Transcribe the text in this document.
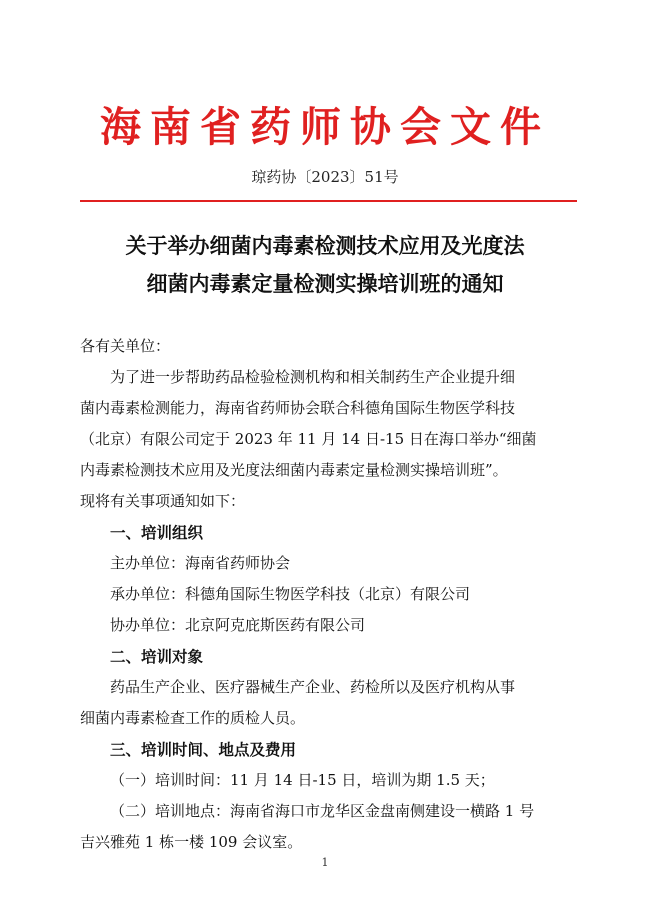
海南省药师协会文件
琼药协〔2023〕51号
关于举办细菌内毒素检测技术应用及光度法
细菌内毒素定量检测实操培训班的通知

各有关单位：

为了进一步帮助药品检验检测机构和相关制药生产企业提升细

菌内毒素检测能力，海南省药师协会联合科德角国际生物医学科技

（北京）有限公司定于 2023 年 11 月 14 日-15 日在海口举办“细菌

内毒素检测技术应用及光度法细菌内毒素定量检测实操培训班”。

现将有关事项通知如下：

一、培训组织

主办单位：海南省药师协会

承办单位：科德角国际生物医学科技（北京）有限公司

协办单位：北京阿克庇斯医药有限公司

二、培训对象

药品生产企业、医疗器械生产企业、药检所以及医疗机构从事

细菌内毒素检查工作的质检人员。

三、培训时间、地点及费用

（一）培训时间：11 月 14 日-15 日，培训为期 1.5 天；

（二）培训地点：海南省海口市龙华区金盘南侧建设一横路 1 号

吉兴雅苑 1 栋一楼 109 会议室。

1
